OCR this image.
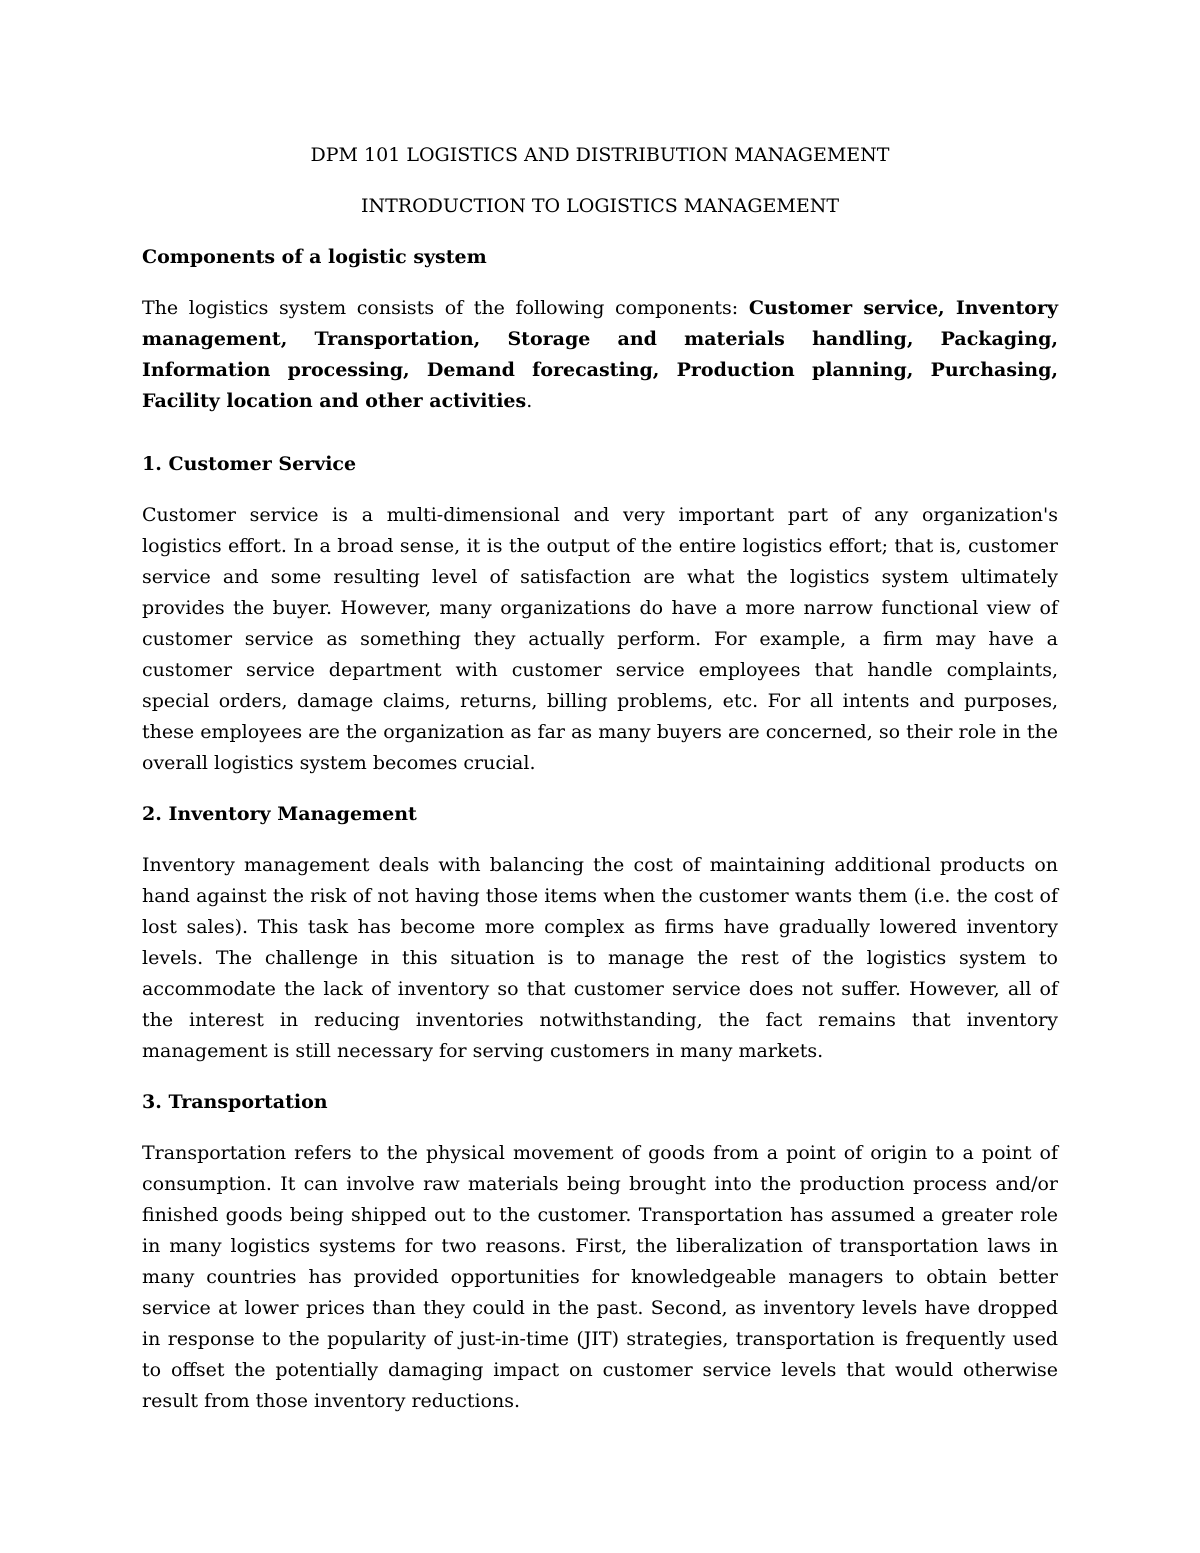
DPM 101 LOGISTICS AND DISTRIBUTION MANAGEMENT
INTRODUCTION TO LOGISTICS MANAGEMENT
Components of a logistic system

The logistics system consists of the following components: Customer service, Inventory management, Transportation, Storage and materials handling, Packaging, Information processing, Demand forecasting, Production planning, Purchasing, Facility location and other activities.

1. Customer Service

Customer service is a multi-dimensional and very important part of any organization's logistics effort. In a broad sense, it is the output of the entire logistics effort; that is, customer service and some resulting level of satisfaction are what the logistics system ultimately provides the buyer. However, many organizations do have a more narrow functional view of customer service as something they actually perform. For example, a firm may have a customer service department with customer service employees that handle complaints, special orders, damage claims, returns, billing problems, etc. For all intents and purposes, these employees are the organization as far as many buyers are concerned, so their role in the overall logistics system becomes crucial.

2. Inventory Management

Inventory management deals with balancing the cost of maintaining additional products on hand against the risk of not having those items when the customer wants them (i.e. the cost of lost sales). This task has become more complex as firms have gradually lowered inventory levels. The challenge in this situation is to manage the rest of the logistics system to accommodate the lack of inventory so that customer service does not suffer. However, all of the interest in reducing inventories notwithstanding, the fact remains that inventory management is still necessary for serving customers in many markets.

3. Transportation

Transportation refers to the physical movement of goods from a point of origin to a point of consumption. It can involve raw materials being brought into the production process and/or finished goods being shipped out to the customer. Transportation has assumed a greater role in many logistics systems for two reasons. First, the liberalization of transportation laws in many countries has provided opportunities for knowledgeable managers to obtain better service at lower prices than they could in the past. Second, as inventory levels have dropped in response to the popularity of just-in-time (JIT) strategies, transportation is frequently used to offset the potentially damaging impact on customer service levels that would otherwise result from those inventory reductions.
